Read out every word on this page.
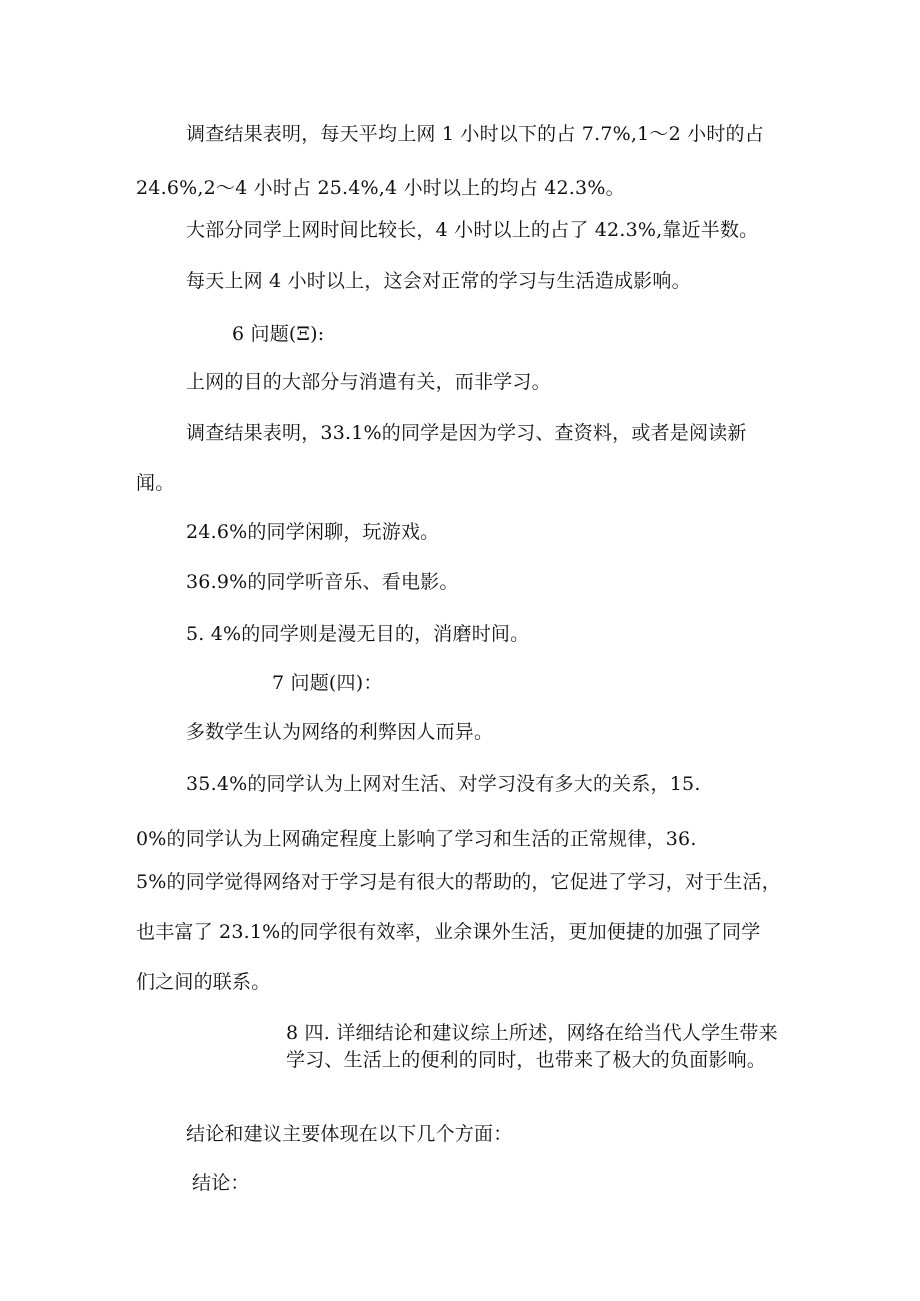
调查结果表明，每天平均上网 1 小时以下的占 7.7%,1～2 小时的占
24.6%,2～4 小时占 25.4%,4 小时以上的均占 42.3%。
大部分同学上网时间比较长，4 小时以上的占了 42.3%,靠近半数。
每天上网 4 小时以上，这会对正常的学习与生活造成影响。
6 问题(Ξ):
上网的目的大部分与消遣有关，而非学习。
调查结果表明，33.1%的同学是因为学习、查资料，或者是阅读新
闻。
24.6%的同学闲聊，玩游戏。
36.9%的同学听音乐、看电影。
5. 4%的同学则是漫无目的，消磨时间。
7 问题(四)：
多数学生认为网络的利弊因人而异。
35.4%的同学认为上网对生活、对学习没有多大的关系，15.
0%的同学认为上网确定程度上影响了学习和生活的正常规律，36.
5%的同学觉得网络对于学习是有很大的帮助的，它促进了学习，对于生活，
也丰富了 23.1%的同学很有效率，业余课外生活，更加便捷的加强了同学
们之间的联系。
8 四. 详细结论和建议综上所述，网络在给当代人学生带来学习、生活上的便利的同时，也带来了极大的负面影响。
结论和建议主要体现在以下几个方面：
结论：
